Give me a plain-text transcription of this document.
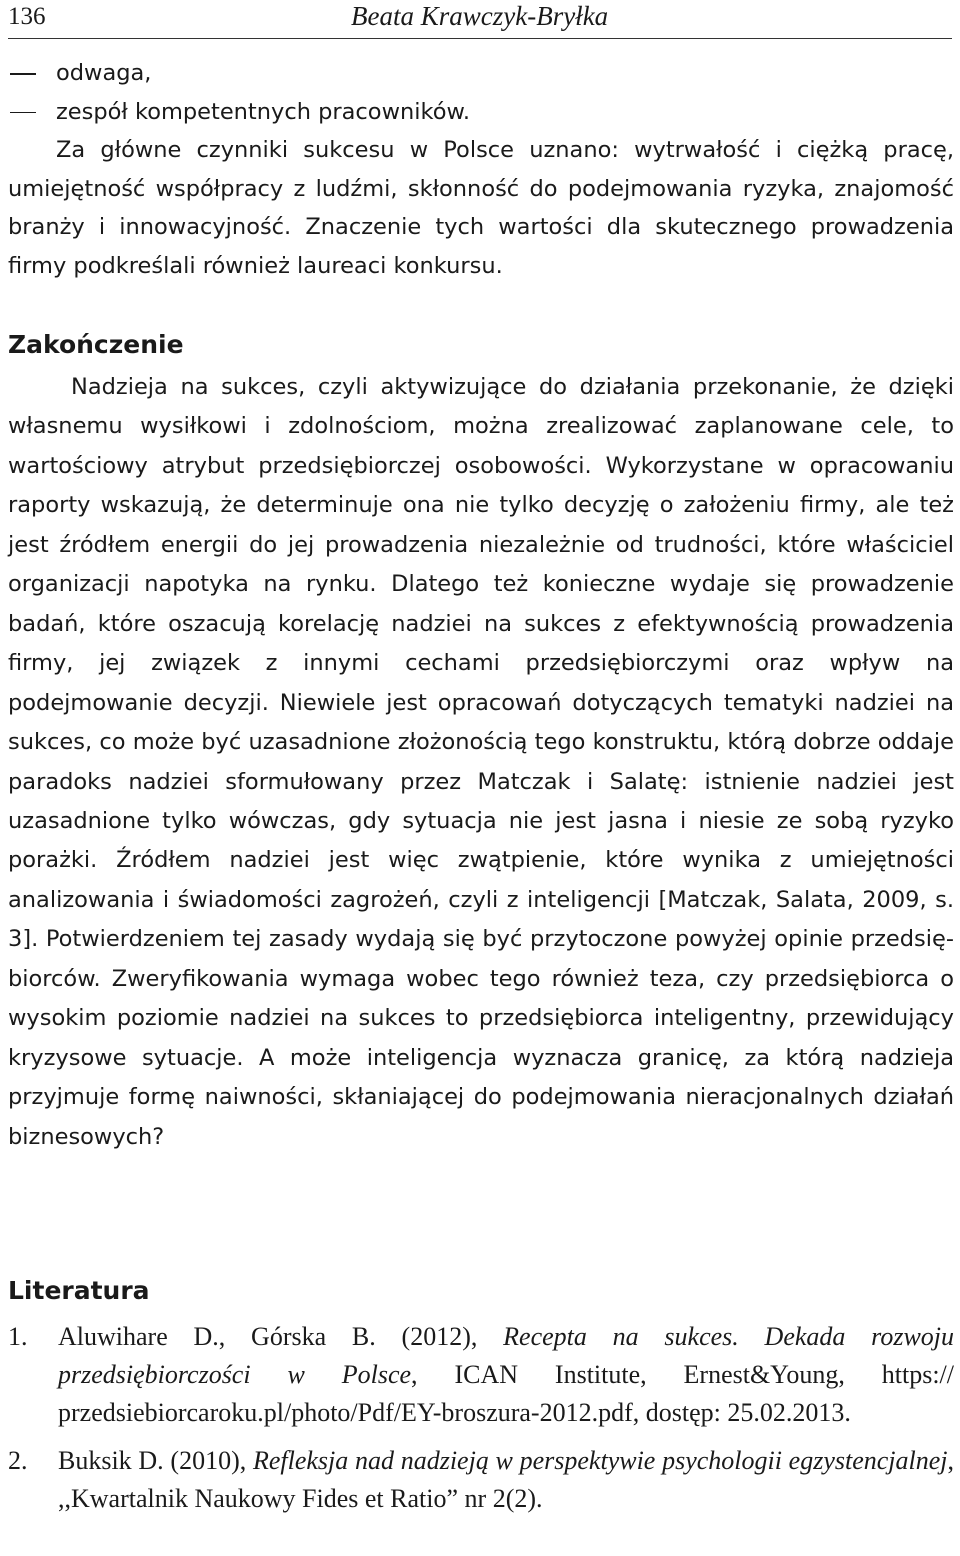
136	Beata Krawczyk-Bryłka
odwaga,
zespół kompetentnych pracowników.

Za główne czynniki sukcesu w Polsce uznano: wytrwałość i ciężką pracę, umiejętność współpracy z ludźmi, skłonność do podejmowania ryzyka, znajomość branży i innowacyjność. Znaczenie tych wartości dla skutecznego prowadzenia firmy podkreślali również laureaci konkursu.

Zakończenie

Nadzieja na sukces, czyli aktywizujące do działania przekonanie, że dzięki własnemu wysiłkowi i zdolnościom, można zrealizować zaplanowane cele, to wartościowy atrybut przedsiębiorczej osobowości. Wykorzystane w opracowaniu raporty wskazują, że determinuje ona nie tylko decyzję o założeniu firmy, ale też jest źródłem energii do jej prowadzenia niezależnie od trudności, które właściciel organizacji napotyka na rynku. Dlatego też konieczne wydaje się prowadzenie badań, które oszacują korelację nadziei na sukces z efektywnością prowadzenia firmy, jej związek z innymi cechami przedsiębiorczymi oraz wpływ na podejmowanie decyzji. Niewiele jest opracowań dotyczących tematyki nadziei na sukces, co może być uzasadnione złożonością tego konstruktu, którą dobrze oddaje paradoks nadziei sformułowany przez Matczak i Salatę: istnienie nadziei jest uzasadnione tylko wówczas, gdy sytuacja nie jest jasna i niesie ze sobą ryzyko porażki. Źródłem nadziei jest więc zwątpienie, które wynika z umiejętności analizowania i świadomości zagrożeń, czyli z inteligencji [Matczak, Salata, 2009, s. 3]. Potwierdzeniem tej zasady wydają się być przytoczone powyżej opinie przedsiębiorców. Zweryfikowania wymaga wobec tego również teza, czy przedsiębiorca o wysokim poziomie nadziei na sukces to przedsiębiorca inteligentny, przewidujący kryzysowe sytuacje. A może inteligencja wyznacza granicę, za którą nadzieja przyjmuje formę naiwności, skłaniającej do podejmowania nieracjonalnych działań biznesowych?

Literatura

1. Aluwihare D., Górska B. (2012), Recepta na sukces. Dekada rozwoju przedsiębiorczości w Polsce, ICAN Institute, Ernest&Young, https:// przedsiebiorcaroku.pl/photo/Pdf/EY-broszura-2012.pdf, dostęp: 25.02.2013.

2. Buksik D. (2010), Refleksja nad nadzieją w perspektywie psychologii egzystencjalnej, ,,Kwartalnik Naukowy Fides et Ratio” nr 2(2).
